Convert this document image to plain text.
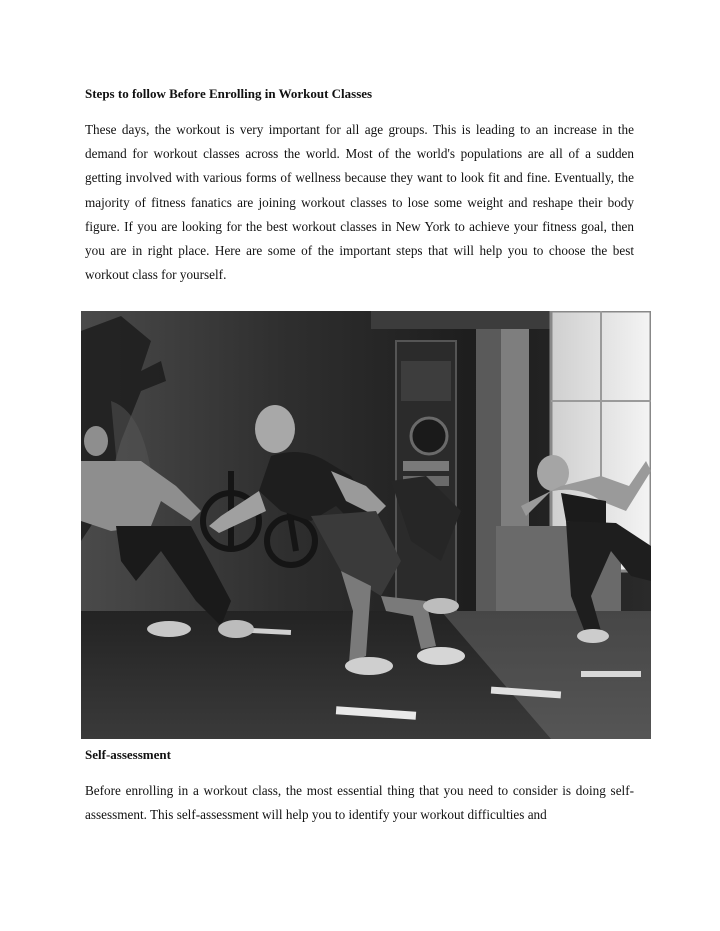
Steps to follow Before Enrolling in Workout Classes

These days, the workout is very important for all age groups. This is leading to an increase in the demand for workout classes across the world. Most of the world's populations are all of a sudden getting involved with various forms of wellness because they want to look fit and fine. Eventually, the majority of fitness fanatics are joining workout classes to lose some weight and reshape their body figure. If you are looking for the best workout classes in New York to achieve your fitness goal, then you are in right place. Here are some of the important steps that will help you to choose the best workout class for yourself.

Self-assessment

Before enrolling in a workout class, the most essential thing that you need to consider is doing self-assessment. This self-assessment will help you to identify your workout difficulties and
